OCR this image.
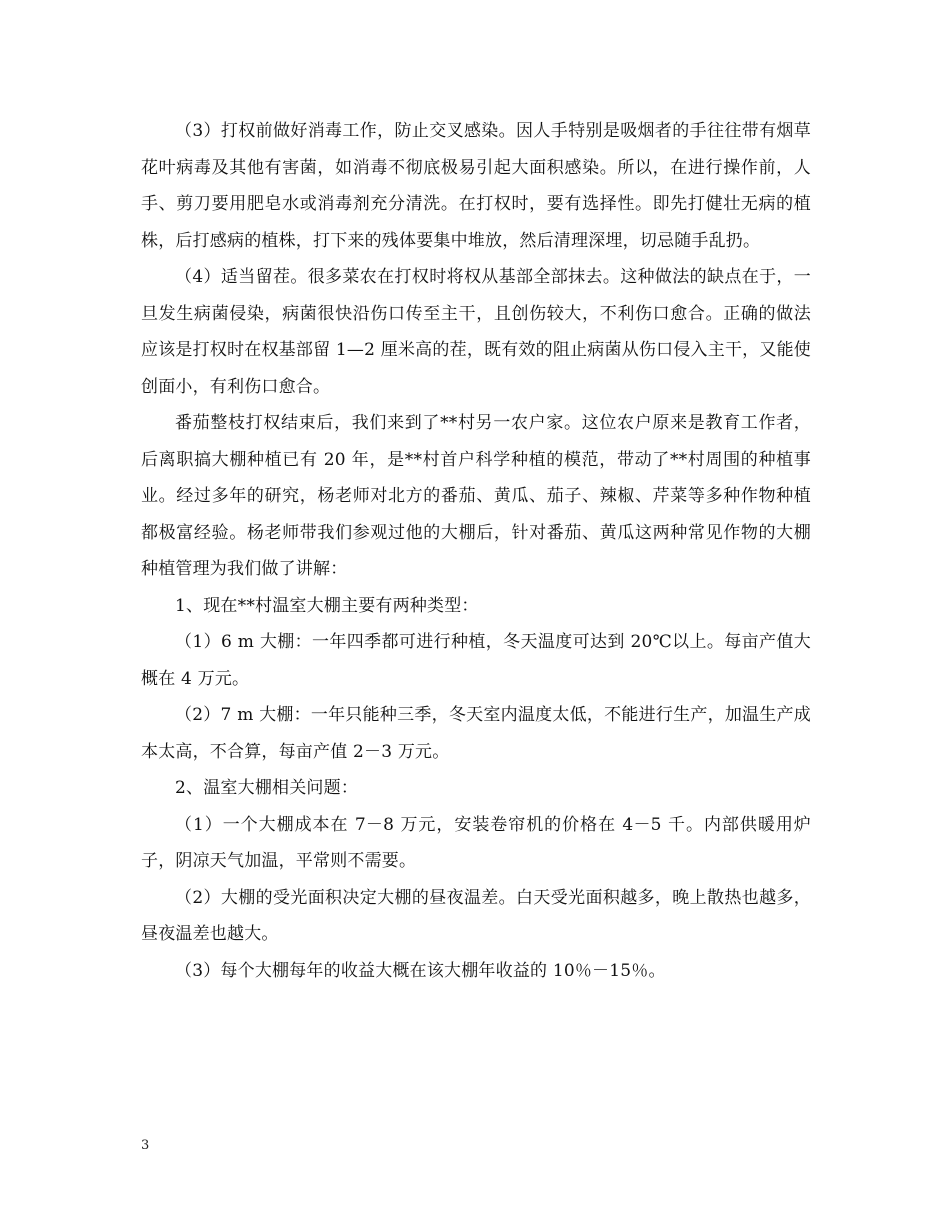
（3）打权前做好消毒工作，防止交叉感染。因人手特别是吸烟者的手往往带有烟草花叶病毒及其他有害菌，如消毒不彻底极易引起大面积感染。所以，在进行操作前，人手、剪刀要用肥皂水或消毒剂充分清洗。在打权时，要有选择性。即先打健壮无病的植株，后打感病的植株，打下来的残体要集中堆放，然后清理深埋，切忌随手乱扔。

（4）适当留茬。很多菜农在打权时将权从基部全部抹去。这种做法的缺点在于，一旦发生病菌侵染，病菌很快沿伤口传至主干，且创伤较大，不利伤口愈合。正确的做法应该是打权时在权基部留 1—2 厘米高的茬，既有效的阻止病菌从伤口侵入主干，又能使创面小，有利伤口愈合。

番茄整枝打权结束后，我们来到了**村另一农户家。这位农户原来是教育工作者，后离职搞大棚种植已有 20 年，是**村首户科学种植的模范，带动了**村周围的种植事业。经过多年的研究，杨老师对北方的番茄、黄瓜、茄子、辣椒、芹菜等多种作物种植都极富经验。杨老师带我们参观过他的大棚后，针对番茄、黄瓜这两种常见作物的大棚种植管理为我们做了讲解：

1、现在**村温室大棚主要有两种类型：

（1）6 m 大棚：一年四季都可进行种植，冬天温度可达到 20℃以上。每亩产值大概在 4 万元。

（2）7 m 大棚：一年只能种三季，冬天室内温度太低，不能进行生产，加温生产成本太高，不合算，每亩产值 2－3 万元。

2、温室大棚相关问题：

（1）一个大棚成本在 7－8 万元，安装卷帘机的价格在 4－5 千。内部供暖用炉子，阴凉天气加温，平常则不需要。

（2）大棚的受光面积决定大棚的昼夜温差。白天受光面积越多，晚上散热也越多，昼夜温差也越大。

（3）每个大棚每年的收益大概在该大棚年收益的 10％－15％。

3
